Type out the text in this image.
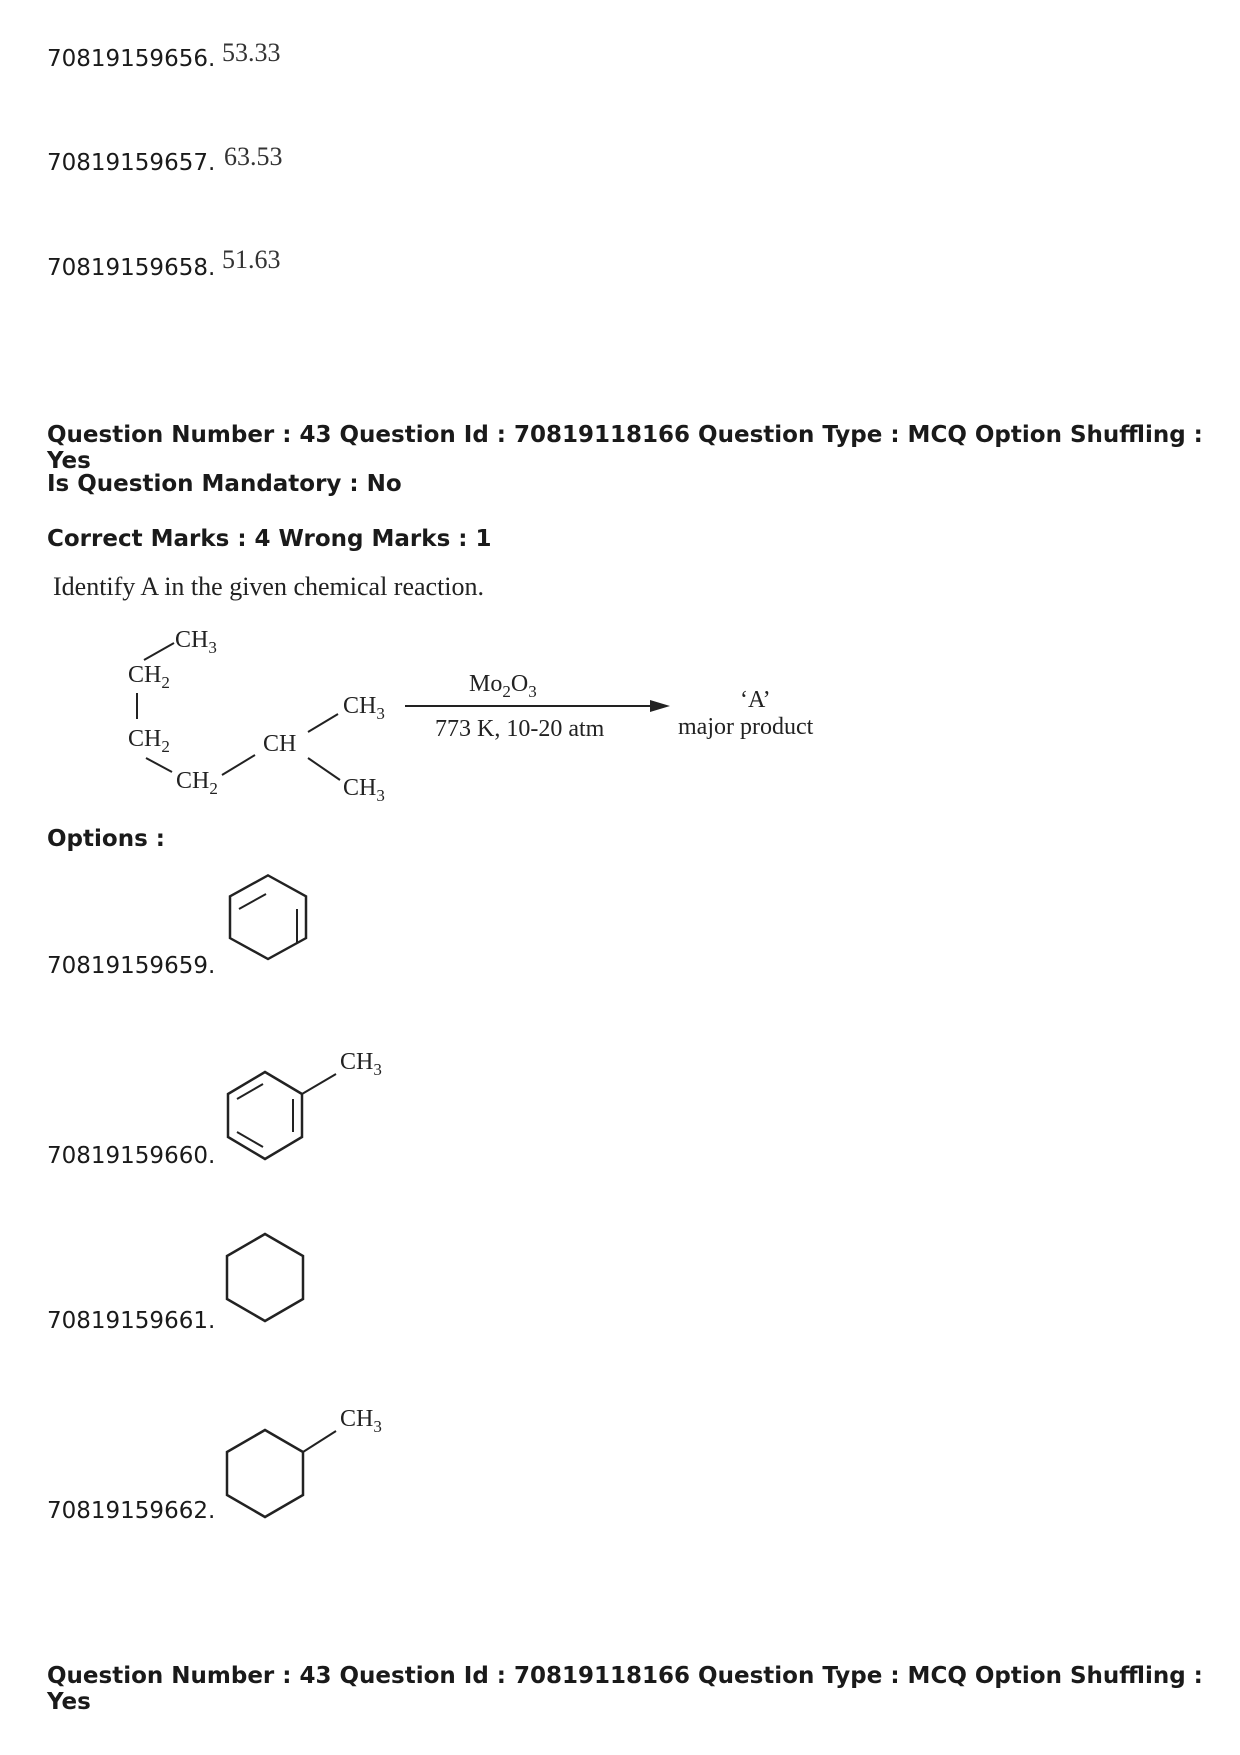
70819159656. 53.33
70819159657. 63.53
70819159658. 51.63
Question Number : 43 Question Id : 70819118166 Question Type : MCQ Option Shuffling : Yes
Is Question Mandatory : No
Correct Marks : 4 Wrong Marks : 1
Identify A in the given chemical reaction.
$CH_3$
$CH_2$
$CH_2$
$CH_2$
CH
$CH_3$
$CH_3$
$Mo_2O_3$
773 K, 10-20 atm
‘A’
major product
Options :
70819159659.
$CH_3$
70819159660.
70819159661.
$CH_3$
70819159662.
Question Number : 43 Question Id : 70819118166 Question Type : MCQ Option Shuffling : Yes
